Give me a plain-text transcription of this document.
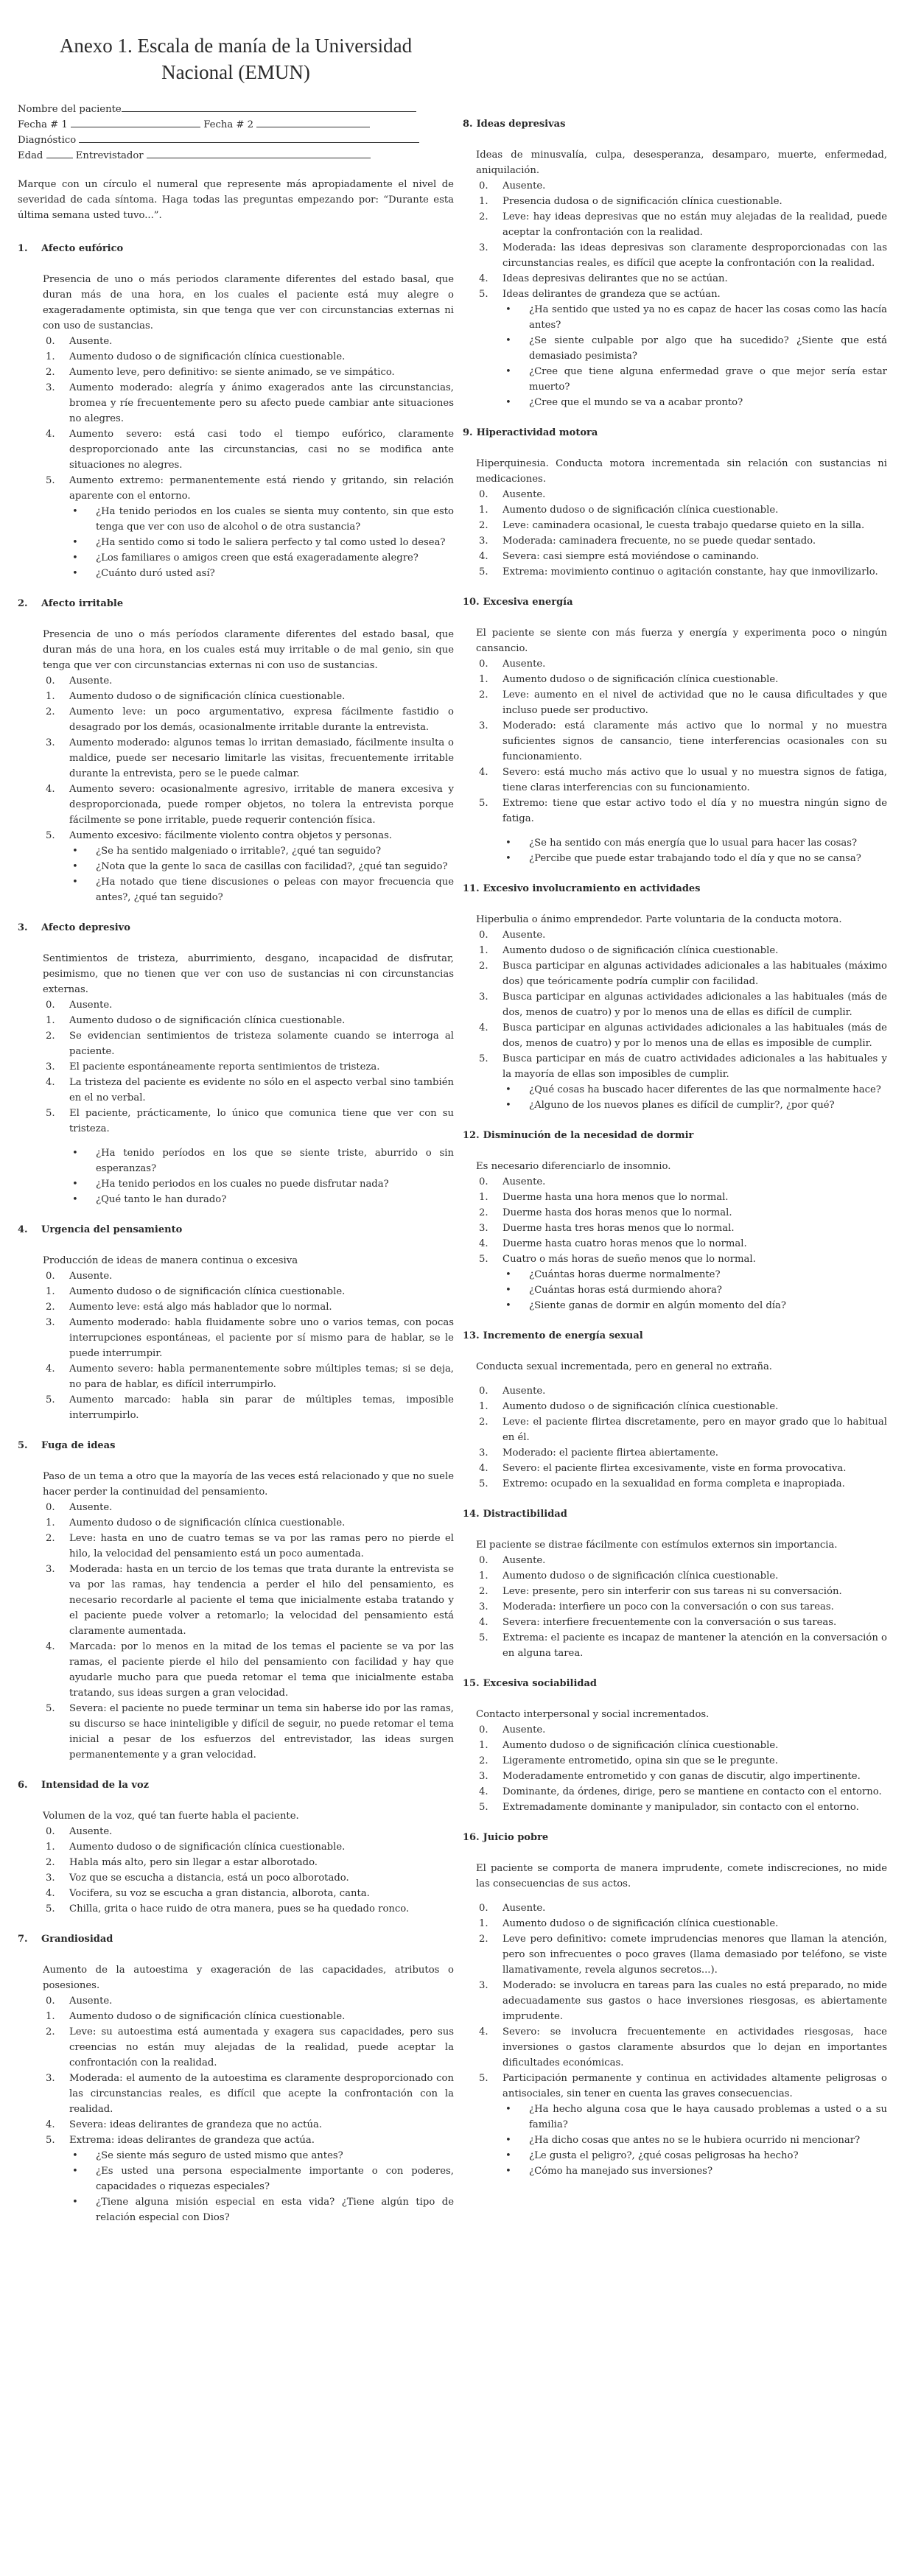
Anexo 1. Escala de manía de la Universidad
Nacional (EMUN)
Nombre del paciente
Fecha # 1	Fecha # 2
Diagnóstico
Edad	Entrevistador

Marque con un círculo el numeral que represente más apropiadamente el nivel de severidad de cada síntoma. Haga todas las preguntas empezando por: “Durante esta última semana usted tuvo...”.

1.	Afecto eufórico
Presencia de uno o más periodos claramente diferentes del estado basal, que duran más de una hora, en los cuales el paciente está muy alegre o exageradamente optimista, sin que tenga que ver con circunstancias externas ni con uso de sustancias.
0.	Ausente.
1.	Aumento dudoso o de significación clínica cuestionable.
2.	Aumento leve, pero definitivo: se siente animado, se ve simpático.
3.	Aumento moderado: alegría y ánimo exagerados ante las circunstancias, bromea y ríe frecuentemente pero su afecto puede cambiar ante situaciones no alegres.
4.	Aumento severo: está casi todo el tiempo eufórico, claramente desproporcionado ante las circunstancias, casi no se modifica ante situaciones no alegres.
5.	Aumento extremo: permanentemente está riendo y gritando, sin relación aparente con el entorno.
•	¿Ha tenido periodos en los cuales se sienta muy contento, sin que esto tenga que ver con uso de alcohol o de otra sustancia?
•	¿Ha sentido como si todo le saliera perfecto y tal como usted lo desea?
•	¿Los familiares o amigos creen que está exageradamente alegre?
•	¿Cuánto duró usted así?
2.	Afecto irritable
Presencia de uno o más períodos claramente diferentes del estado basal, que duran más de una hora, en los cuales está muy irritable o de mal genio, sin que tenga que ver con circunstancias externas ni con uso de sustancias.
0.	Ausente.
1.	Aumento dudoso o de significación clínica cuestionable.
2.	Aumento leve: un poco argumentativo, expresa fácilmente fastidio o desagrado por los demás, ocasionalmente irritable durante la entrevista.
3.	Aumento moderado: algunos temas lo irritan demasiado, fácilmente insulta o maldice, puede ser necesario limitarle las visitas, frecuentemente irritable durante la entrevista, pero se le puede calmar.
4.	Aumento severo: ocasionalmente agresivo, irritable de manera excesiva y desproporcionada, puede romper objetos, no tolera la entrevista porque fácilmente se pone irritable, puede requerir contención física.
5.	Aumento excesivo: fácilmente violento contra objetos y personas.
•	¿Se ha sentido malgeniado o irritable?, ¿qué tan seguido?
•	¿Nota que la gente lo saca de casillas con facilidad?, ¿qué tan seguido?
•	¿Ha notado que tiene discusiones o peleas con mayor frecuencia que antes?, ¿qué tan seguido?
3.	Afecto depresivo
Sentimientos de tristeza, aburrimiento, desgano, incapacidad de disfrutar, pesimismo, que no tienen que ver con uso de sustancias ni con circunstancias externas.
0.	Ausente.
1.	Aumento dudoso o de significación clínica cuestionable.
2.	Se evidencian sentimientos de tristeza solamente cuando se interroga al paciente.
3.	El paciente espontáneamente reporta sentimientos de tristeza.
4.	La tristeza del paciente es evidente no sólo en el aspecto verbal sino también en el no verbal.
5.	El paciente, prácticamente, lo único que comunica tiene que ver con su tristeza.
•	¿Ha tenido períodos en los que se siente triste, aburrido o sin esperanzas?
•	¿Ha tenido periodos en los cuales no puede disfrutar nada?
•	¿Qué tanto le han durado?
4.	Urgencia del pensamiento
Producción de ideas de manera continua o excesiva
0.	Ausente.
1.	Aumento dudoso o de significación clínica cuestionable.
2.	Aumento leve: está algo más hablador que lo normal.
3.	Aumento moderado: habla fluidamente sobre uno o varios temas, con pocas interrupciones espontáneas, el paciente por sí mismo para de hablar, se le puede interrumpir.
4.	Aumento severo: habla permanentemente sobre múltiples temas; si se deja, no para de hablar, es difícil interrumpirlo.
5.	Aumento marcado: habla sin parar de múltiples temas, imposible interrumpirlo.
5.	Fuga de ideas
Paso de un tema a otro que la mayoría de las veces está relacionado y que no suele hacer perder la continuidad del pensamiento.
0.	Ausente.
1.	Aumento dudoso o de significación clínica cuestionable.
2.	Leve: hasta en uno de cuatro temas se va por las ramas pero no pierde el hilo, la velocidad del pensamiento está un poco aumentada.
3.	Moderada: hasta en un tercio de los temas que trata durante la entrevista se va por las ramas, hay tendencia a perder el hilo del pensamiento, es necesario recordarle al paciente el tema que inicialmente estaba tratando y el paciente puede volver a retomarlo; la velocidad del pensamiento está claramente aumentada.
4.	Marcada: por lo menos en la mitad de los temas el paciente se va por las ramas, el paciente pierde el hilo del pensamiento con facilidad y hay que ayudarle mucho para que pueda retomar el tema que inicialmente estaba tratando, sus ideas surgen a gran velocidad.
5.	Severa: el paciente no puede terminar un tema sin haberse ido por las ramas, su discurso se hace ininteligible y difícil de seguir, no puede retomar el tema inicial a pesar de los esfuerzos del entrevistador, las ideas surgen permanentemente y a gran velocidad.
6.	Intensidad de la voz
Volumen de la voz, qué tan fuerte habla el paciente.
0.	Ausente.
1.	Aumento dudoso o de significación clínica cuestionable.
2.	Habla más alto, pero sin llegar a estar alborotado.
3.	Voz que se escucha a distancia, está un poco alborotado.
4.	Vocifera, su voz se escucha a gran distancia, alborota, canta.
5.	Chilla, grita o hace ruido de otra manera, pues se ha quedado ronco.
7.	Grandiosidad
Aumento de la autoestima y exageración de las capacidades, atributos o posesiones.
0.	Ausente.
1.	Aumento dudoso o de significación clínica cuestionable.
2.	Leve: su autoestima está aumentada y exagera sus capacidades, pero sus creencias no están muy alejadas de la realidad, puede aceptar la confrontación con la realidad.
3.	Moderada: el aumento de la autoestima es claramente desproporcionado con las circunstancias reales, es difícil que acepte la confrontación con la realidad.
4.	Severa: ideas delirantes de grandeza que no actúa.
5.	Extrema: ideas delirantes de grandeza que actúa.
•	¿Se siente más seguro de usted mismo que antes?
•	¿Es usted una persona especialmente importante o con poderes, capacidades o riquezas especiales?
•	¿Tiene alguna misión especial en esta vida? ¿Tiene algún tipo de relación especial con Dios?
8. Ideas depresivas
Ideas de minusvalía, culpa, desesperanza, desamparo, muerte, enfermedad, aniquilación.
0.	Ausente.
1.	Presencia dudosa o de significación clínica cuestionable.
2.	Leve: hay ideas depresivas que no están muy alejadas de la realidad, puede aceptar la confrontación con la realidad.
3.	Moderada: las ideas depresivas son claramente desproporcionadas con las circunstancias reales, es difícil que acepte la confrontación con la realidad.
4.	Ideas depresivas delirantes que no se actúan.
5.	Ideas delirantes de grandeza que se actúan.
•	¿Ha sentido que usted ya no es capaz de hacer las cosas como las hacía antes?
•	¿Se siente culpable por algo que ha sucedido? ¿Siente que está demasiado pesimista?
•	¿Cree que tiene alguna enfermedad grave o que mejor sería estar muerto?
•	¿Cree que el mundo se va a acabar pronto?
9. Hiperactividad motora
Hiperquinesia. Conducta motora incrementada sin relación con sustancias ni medicaciones.
0.	Ausente.
1.	Aumento dudoso o de significación clínica cuestionable.
2.	Leve: caminadera ocasional, le cuesta trabajo quedarse quieto en la silla.
3.	Moderada: caminadera frecuente, no se puede quedar sentado.
4.	Severa: casi siempre está moviéndose o caminando.
5.	Extrema: movimiento continuo o agitación constante, hay que inmovilizarlo.
10. Excesiva energía
El paciente se siente con más fuerza y energía y experimenta poco o ningún cansancio.
0.	Ausente.
1.	Aumento dudoso o de significación clínica cuestionable.
2.	Leve: aumento en el nivel de actividad que no le causa dificultades y que incluso puede ser productivo.
3.	Moderado: está claramente más activo que lo normal y no muestra suficientes signos de cansancio, tiene interferencias ocasionales con su funcionamiento.
4.	Severo: está mucho más activo que lo usual y no muestra signos de fatiga, tiene claras interferencias con su funcionamiento.
5.	Extremo: tiene que estar activo todo el día y no muestra ningún signo de fatiga.
•	¿Se ha sentido con más energía que lo usual para hacer las cosas?
•	¿Percibe que puede estar trabajando todo el día y que no se cansa?
11. Excesivo involucramiento en actividades
Hiperbulia o ánimo emprendedor. Parte voluntaria de la conducta motora.
0.	Ausente.
1.	Aumento dudoso o de significación clínica cuestionable.
2.	Busca participar en algunas actividades adicionales a las habituales (máximo dos) que teóricamente podría cumplir con facilidad.
3.	Busca participar en algunas actividades adicionales a las habituales (más de dos, menos de cuatro) y por lo menos una de ellas es difícil de cumplir.
4.	Busca participar en algunas actividades adicionales a las habituales (más de dos, menos de cuatro) y por lo menos una de ellas es imposible de cumplir.
5.	Busca participar en más de cuatro actividades adicionales a las habituales y la mayoría de ellas son imposibles de cumplir.
•	¿Qué cosas ha buscado hacer diferentes de las que normalmente hace?
•	¿Alguno de los nuevos planes es difícil de cumplir?, ¿por qué?
12. Disminución de la necesidad de dormir
Es necesario diferenciarlo de insomnio.
0.	Ausente.
1.	Duerme hasta una hora menos que lo normal.
2.	Duerme hasta dos horas menos que lo normal.
3.	Duerme hasta tres horas menos que lo normal.
4.	Duerme hasta cuatro horas menos que lo normal.
5.	Cuatro o más horas de sueño menos que lo normal.
•	¿Cuántas horas duerme normalmente?
•	¿Cuántas horas está durmiendo ahora?
•	¿Siente ganas de dormir en algún momento del día?
13. Incremento de energía sexual
Conducta sexual incrementada, pero en general no extraña.
0.	Ausente.
1.	Aumento dudoso o de significación clínica cuestionable.
2.	Leve: el paciente flirtea discretamente, pero en mayor grado que lo habitual en él.
3.	Moderado: el paciente flirtea abiertamente.
4.	Severo: el paciente flirtea excesivamente, viste en forma provocativa.
5.	Extremo: ocupado en la sexualidad en forma completa e inapropiada.
14. Distractibilidad
El paciente se distrae fácilmente con estímulos externos sin importancia.
0.	Ausente.
1.	Aumento dudoso o de significación clínica cuestionable.
2.	Leve: presente, pero sin interferir con sus tareas ni su conversación.
3.	Moderada: interfiere un poco con la conversación o con sus tareas.
4.	Severa: interfiere frecuentemente con la conversación o sus tareas.
5.	Extrema: el paciente es incapaz de mantener la atención en la conversación o en alguna tarea.
15. Excesiva sociabilidad
Contacto interpersonal y social incrementados.
0.	Ausente.
1.	Aumento dudoso o de significación clínica cuestionable.
2.	Ligeramente entrometido, opina sin que se le pregunte.
3.	Moderadamente entrometido y con ganas de discutir, algo impertinente.
4.	Dominante, da órdenes, dirige, pero se mantiene en contacto con el entorno.
5.	Extremadamente dominante y manipulador, sin contacto con el entorno.
16. Juicio pobre
El paciente se comporta de manera imprudente, comete indiscreciones, no mide las consecuencias de sus actos.
0.	Ausente.
1.	Aumento dudoso o de significación clínica cuestionable.
2.	Leve pero definitivo: comete imprudencias menores que llaman la atención, pero son infrecuentes o poco graves (llama demasiado por teléfono, se viste llamativamente, revela algunos secretos...).
3.	Moderado: se involucra en tareas para las cuales no está preparado, no mide adecuadamente sus gastos o hace inversiones riesgosas, es abiertamente imprudente.
4.	Severo: se involucra frecuentemente en actividades riesgosas, hace inversiones o gastos claramente absurdos que lo dejan en importantes dificultades económicas.
5.	Participación permanente y continua en actividades altamente peligrosas o antisociales, sin tener en cuenta las graves consecuencias.
•	¿Ha hecho alguna cosa que le haya causado problemas a usted o a su familia?
•	¿Ha dicho cosas que antes no se le hubiera ocurrido ni mencionar?
•	¿Le gusta el peligro?, ¿qué cosas peligrosas ha hecho?
•	¿Cómo ha manejado sus inversiones?
